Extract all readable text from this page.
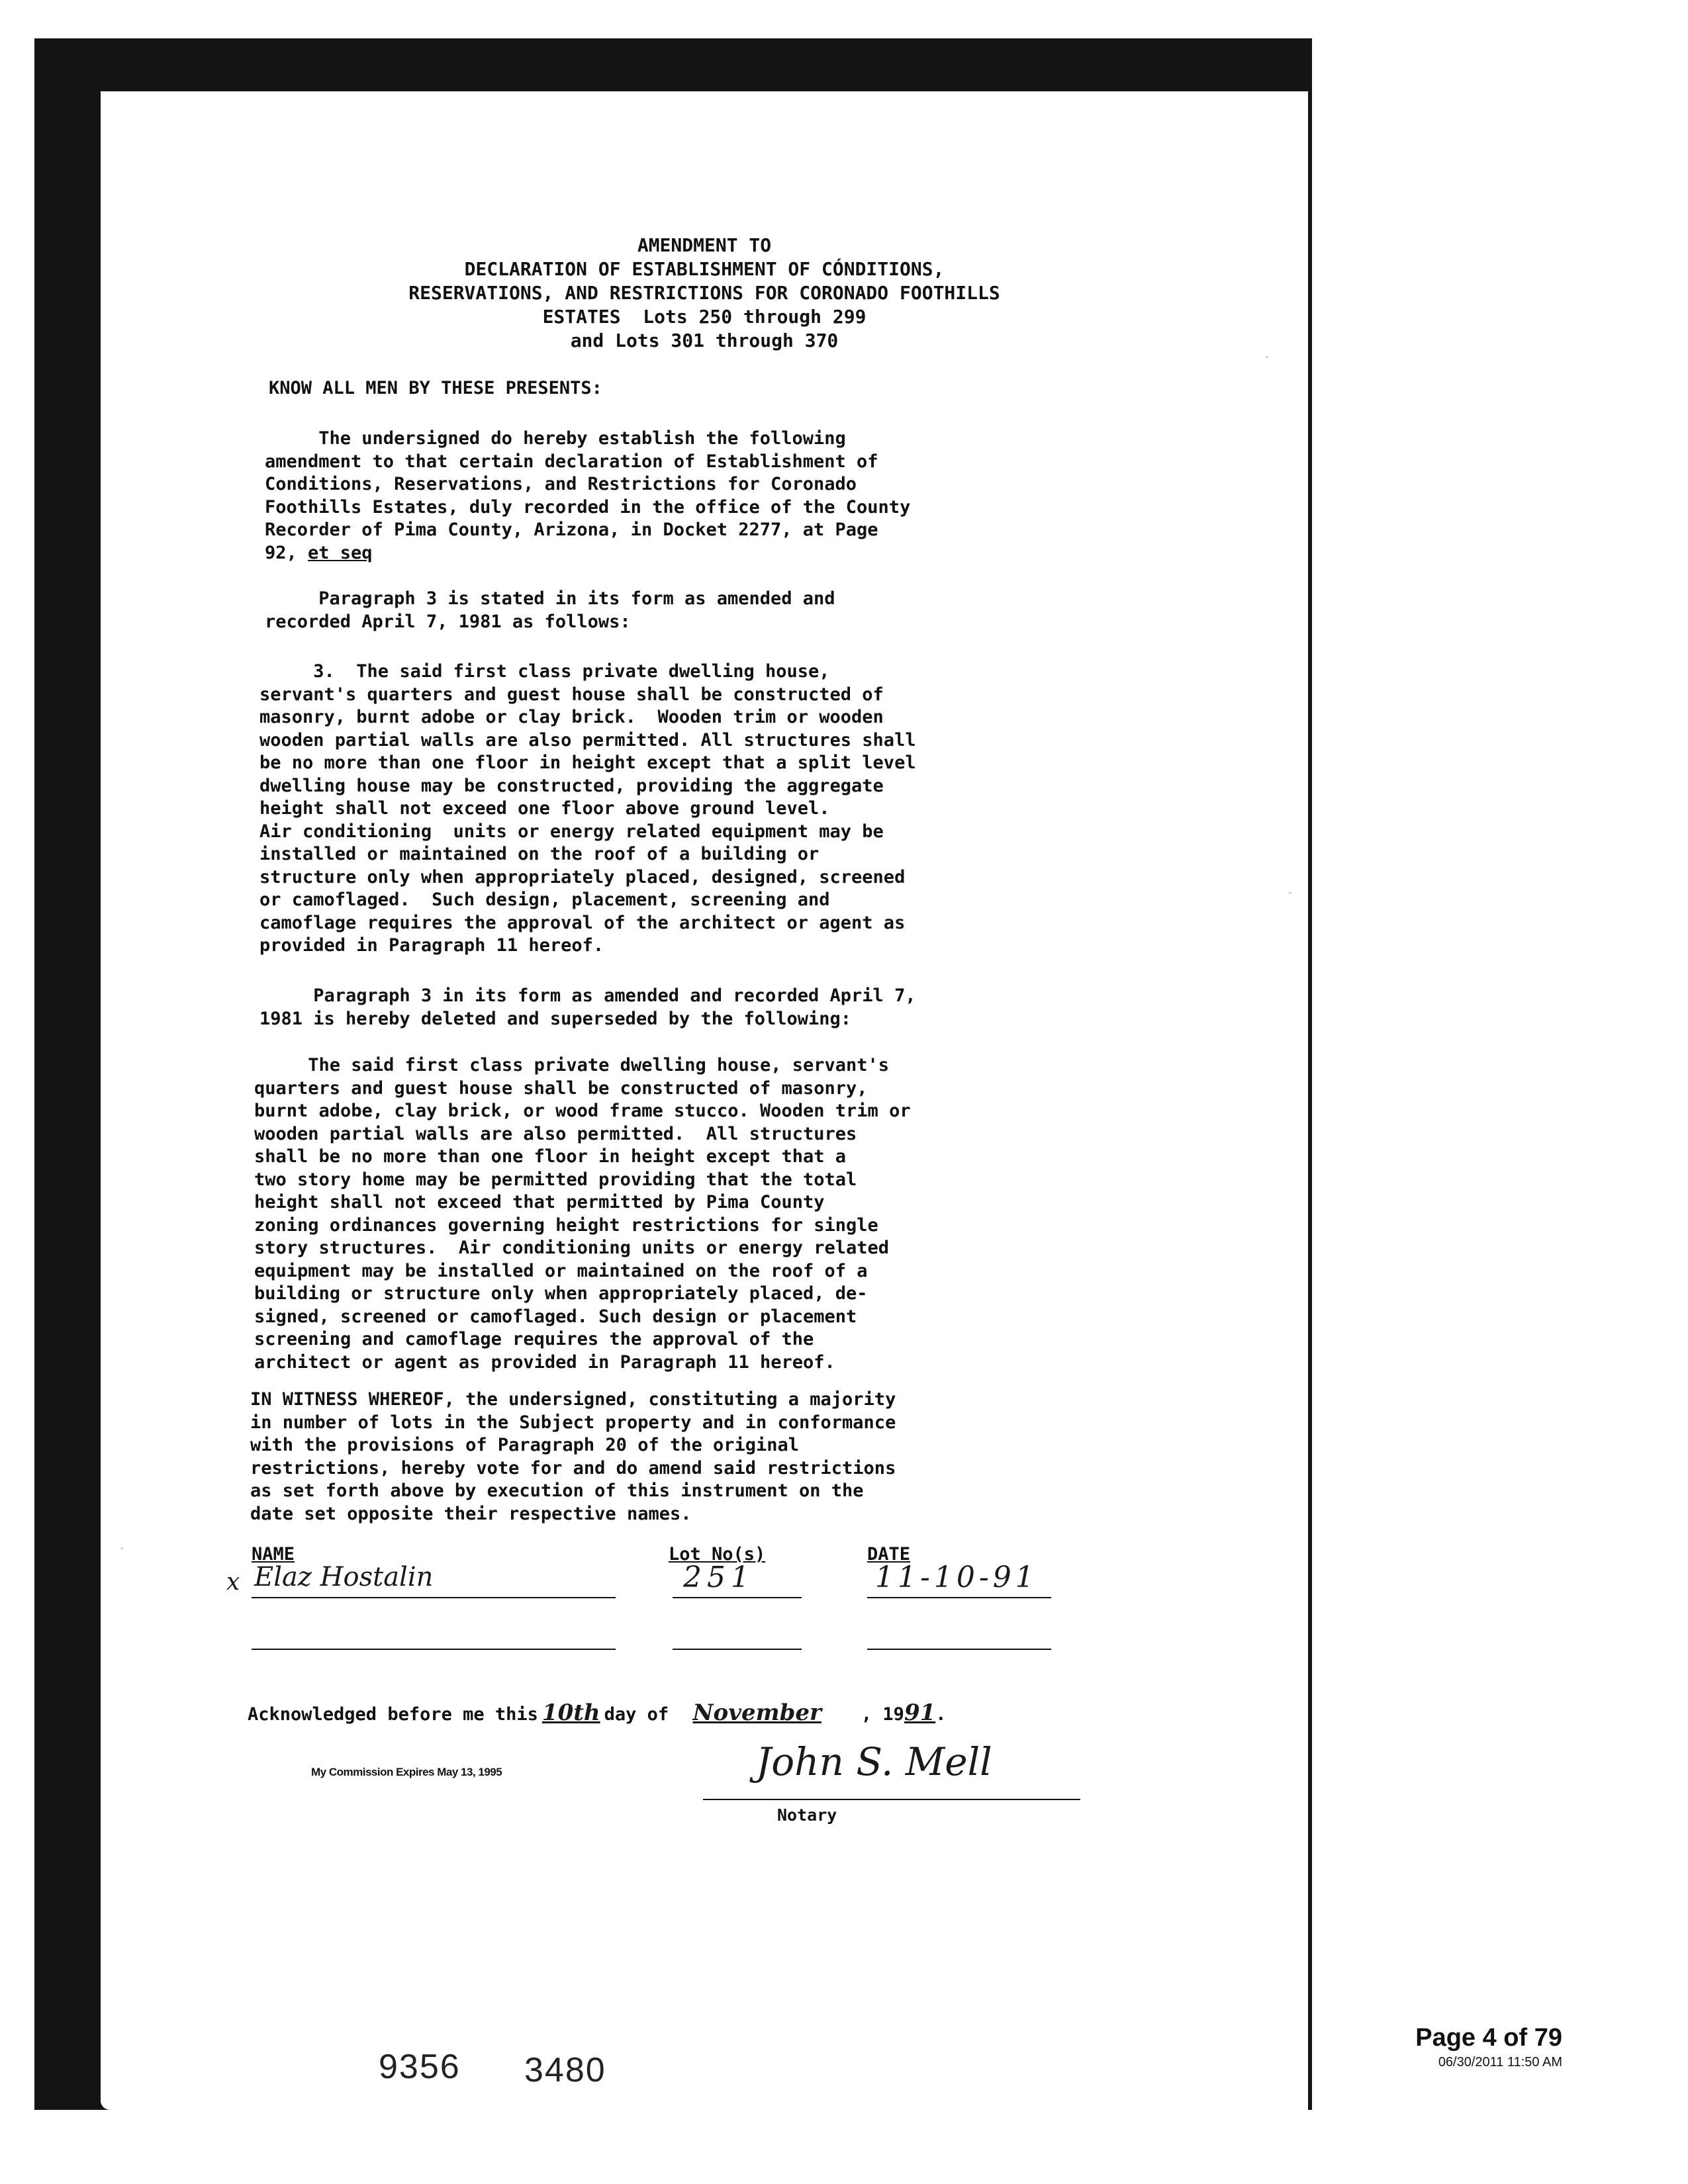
AMENDMENT TO
DECLARATION OF ESTABLISHMENT OF CÓNDITIONS,
RESERVATIONS, AND RESTRICTIONS FOR CORONADO FOOTHILLS
ESTATES  Lots 250 through 299
and Lots 301 through 370
KNOW ALL MEN BY THESE PRESENTS:
The undersigned do hereby establish the following
amendment to that certain declaration of Establishment of
Conditions, Reservations, and Restrictions for Coronado
Foothills Estates, duly recorded in the office of the County
Recorder of Pima County, Arizona, in Docket 2277, at Page
92, et seq
Paragraph 3 is stated in its form as amended and
recorded April 7, 1981 as follows:
3.  The said first class private dwelling house,
servant's quarters and guest house shall be constructed of
masonry, burnt adobe or clay brick.  Wooden trim or wooden
wooden partial walls are also permitted. All structures shall
be no more than one floor in height except that a split level
dwelling house may be constructed, providing the aggregate
height shall not exceed one floor above ground level.
Air conditioning  units or energy related equipment may be
installed or maintained on the roof of a building or
structure only when appropriately placed, designed, screened
or camoflaged.  Such design, placement, screening and
camoflage requires the approval of the architect or agent as
provided in Paragraph 11 hereof.
Paragraph 3 in its form as amended and recorded April 7,
1981 is hereby deleted and superseded by the following:
The said first class private dwelling house, servant's
quarters and guest house shall be constructed of masonry,
burnt adobe, clay brick, or wood frame stucco. Wooden trim or
wooden partial walls are also permitted.  All structures
shall be no more than one floor in height except that a
two story home may be permitted providing that the total
height shall not exceed that permitted by Pima County
zoning ordinances governing height restrictions for single
story structures.  Air conditioning units or energy related
equipment may be installed or maintained on the roof of a
building or structure only when appropriately placed, de-
signed, screened or camoflaged. Such design or placement
screening and camoflage requires the approval of the
architect or agent as provided in Paragraph 11 hereof.
IN WITNESS WHEREOF, the undersigned, constituting a majority
in number of lots in the Subject property and in conformance
with the provisions of Paragraph 20 of the original
restrictions, hereby vote for and do amend said restrictions
as set forth above by execution of this instrument on the
date set opposite their respective names.
NAME	Lot No(s)	DATE
x Elaz Hostalin	251	11-10-91
Acknowledged before me this 10th day of November , 1991.
My Commission Expires May 13, 1995	John S. Mell
Notary
9356 3480
Page 4 of 79
06/30/2011 11:50 AM
